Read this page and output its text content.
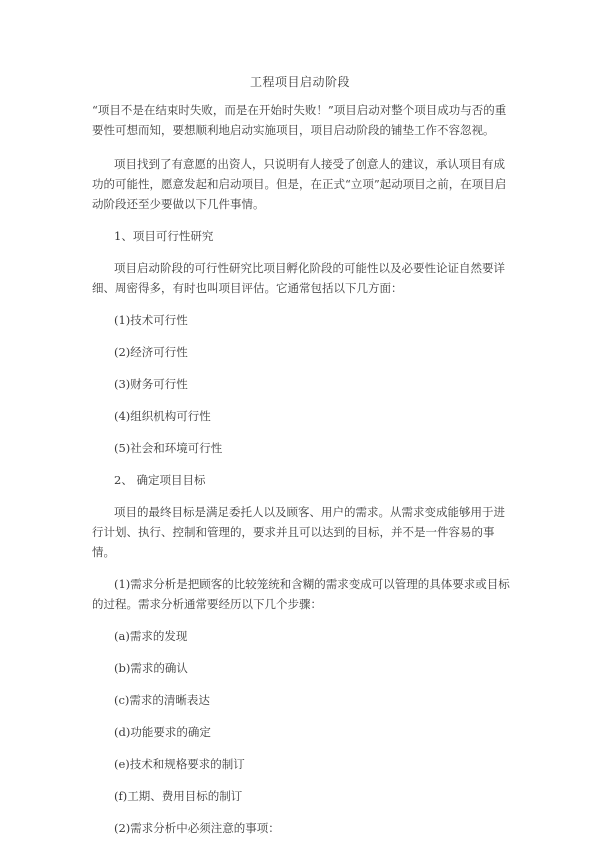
工程项目启动阶段

“项目不是在结束时失败，而是在开始时失败！”项目启动对整个项目成功与否的重要性可想而知，要想顺利地启动实施项目，项目启动阶段的铺垫工作不容忽视。

项目找到了有意愿的出资人，只说明有人接受了创意人的建议，承认项目有成功的可能性，愿意发起和启动项目。但是，在正式“立项”起动项目之前，在项目启动阶段还至少要做以下几件事情。

1、项目可行性研究

项目启动阶段的可行性研究比项目孵化阶段的可能性以及必要性论证自然要详细、周密得多，有时也叫项目评估。它通常包括以下几方面：

(1)技术可行性

(2)经济可行性

(3)财务可行性

(4)组织机构可行性

(5)社会和环境可行性

2、 确定项目目标

项目的最终目标是满足委托人以及顾客、用户的需求。从需求变成能够用于进行计划、执行、控制和管理的，要求并且可以达到的目标，并不是一件容易的事情。

(1)需求分析是把顾客的比较笼统和含糊的需求变成可以管理的具体要求或目标的过程。需求分析通常要经历以下几个步骤：

(a)需求的发现

(b)需求的确认

(c)需求的清晰表达

(d)功能要求的确定

(e)技术和规格要求的制订

(f)工期、费用目标的制订

(2)需求分析中必须注意的事项：
